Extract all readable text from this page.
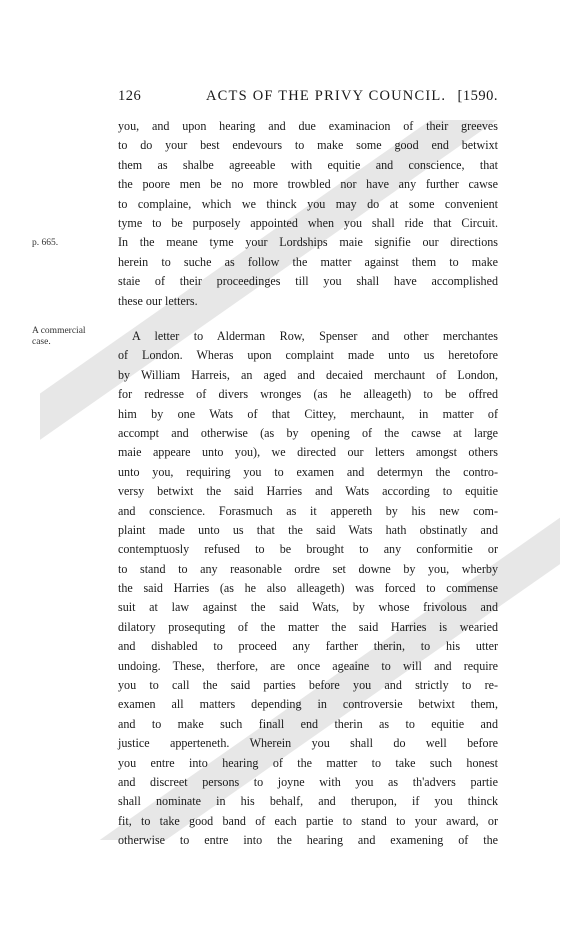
126	ACTS OF THE PRIVY COUNCIL. [1590.
p. 665.
A commercial
case.
you, and upon hearing and due examinacion of their greeves
to do your best endevours to make some good end betwixt
them as shalbe agreeable with equitie and conscience, that
the poore men be no more trowbled nor have any further cawse
to complaine, which we thinck you may do at some convenient
tyme to be purposely appointed when you shall ride that Circuit.
In the meane tyme your Lordships maie signifie our directions
herein to suche as follow the matter against them to make
staie of their proceedinges till you shall have accomplished
these our letters.
A letter to Alderman Row, Spenser and other merchantes
of London. Wheras upon complaint made unto us heretofore
by William Harreis, an aged and decaied merchaunt of London,
for redresse of divers wronges (as he alleageth) to be offred
him by one Wats of that Cittey, merchaunt, in matter of
accompt and otherwise (as by opening of the cawse at large
maie appeare unto you), we directed our letters amongst others
unto you, requiring you to examen and determyn the contro-
versy betwixt the said Harries and Wats according to equitie
and conscience. Forasmuch as it appereth by his new com-
plaint made unto us that the said Wats hath obstinatly and
contemptuosly refused to be brought to any conformitie or
to stand to any reasonable ordre set downe by you, wherby
the said Harries (as he also alleageth) was forced to commense
suit at law against the said Wats, by whose frivolous and
dilatory prosequting of the matter the said Harries is wearied
and dishabled to proceed any farther therin, to his utter
undoing. These, therfore, are once ageaine to will and require
you to call the said parties before you and strictly to re-
examen all matters depending in controversie betwixt them,
and to make such finall end therin as to equitie and
justice apperteneth. Wherein you shall do well before
you entre into hearing of the matter to take such honest
and discreet persons to joyne with you as th'advers partie
shall nominate in his behalf, and therupon, if you thinck
fit, to take good band of each partie to stand to your award, or
otherwise to entre into the hearing and examening of the
